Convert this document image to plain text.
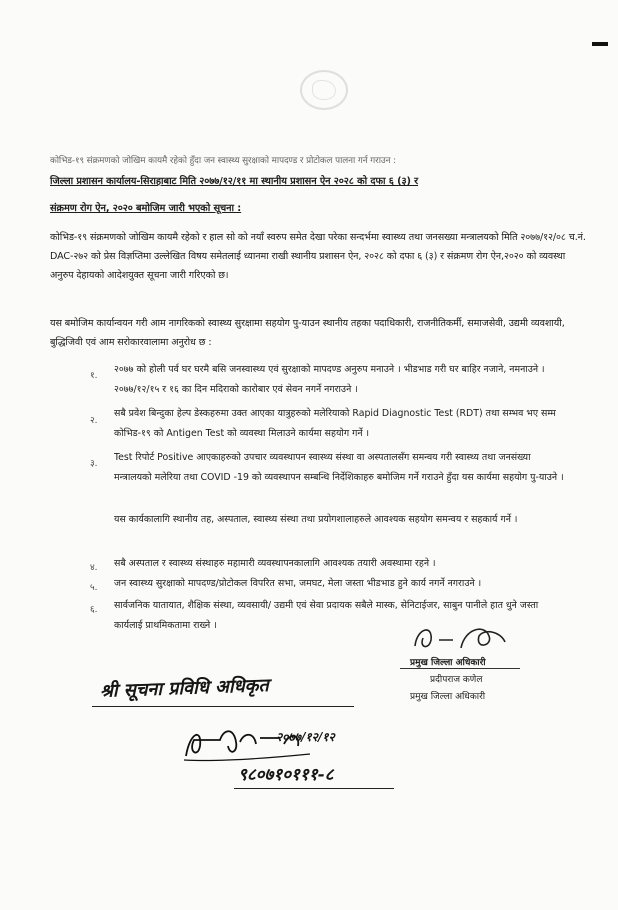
कोभिड-१९ संक्रमणको जोखिम कायमै रहेको हुँदा जन स्वास्थ्य सुरक्षाको मापदण्ड र प्रोटोकल पालना गर्न गराउन :
जिल्ला प्रशासन कार्यालय-सिराहाबाट मिति २०७७/१२/११ मा स्थानीय प्रशासन ऐन २०२८ को दफा ६ (३) र
संक्रमण रोग ऐन, २०२० बमोजिम जारी भएको सूचना :
कोभिड-१९ संक्रमणको जोखिम कायमै रहेको र हाल सो को नयाँ स्वरुप समेत देखा परेका सन्दर्भमा स्वास्थ्य तथा जनसख्या मन्त्रालयको मिति २०७७/१२/०८ च.नं. DAC-२७२ को प्रेस विज्ञप्तिमा उल्लेखित विषय समेतलाई ध्यानमा राखी स्थानीय प्रशासन ऐन, २०२८ को दफा ६ (३) र संक्रमण रोग ऐन,२०२० को व्यवस्था अनुरुप देहायको आदेशयुक्त सूचना जारी गरिएको छ।
यस बमोजिम कार्यान्वयन गरी आम नागरिकको स्वास्थ्य सुरक्षामा सहयोग पु-याउन स्थानीय तहका पदाधिकारी, राजनीतिकर्मी, समाजसेवी, उद्यमी व्यवशायी, बुद्धिजिवी एवं आम सरोकारवालामा अनुरोध छ :
१.
२०७७ को होली पर्व घर घरमै बसि जनस्वास्थ्य एवं सुरक्षाको मापदण्ड अनुरुप मनाउने । भीडभाड गरी घर बाहिर नजाने, नमनाउने । २०७७/१२/१५ र १६ का दिन मदिराको कारोबार एवं सेवन नगर्ने नगराउने ।
२.
सबै प्रवेश बिन्दुका हेल्प डेस्कहरुमा उक्त आएका यात्रुहरुको मलेरियाको Rapid Diagnostic Test (RDT) तथा सम्भव भए सम्म कोभिड-१९ को Antigen Test को व्यवस्था मिलाउने कार्यमा सहयोग गर्ने ।
३.
Test रिपोर्ट Positive आएकाहरुको उपचार व्यवस्थापन स्वास्थ्य संस्था वा अस्पतालसँग समन्वय गरी स्वास्थ्य तथा जनसंख्या मन्त्रालयको मलेरिया तथा COVID -19 को व्यवस्थापन सम्बन्धि निर्देशिकाहरु बमोजिम गर्ने गराउने हुँदा यस कार्यमा सहयोग पु-याउने ।
यस कार्यकालागि स्थानीय तह, अस्पताल, स्वास्थ्य संस्था तथा प्रयोगशालाहरुले आवश्यक सहयोग समन्वय र सहकार्य गर्ने ।
४. सबै अस्पताल र स्वास्थ्य संस्थाहरु महामारी व्यवस्थापनकालागि आवश्यक तयारी अवस्थामा रहने ।
५. जन स्वास्थ्य सुरक्षाको मापदण्ड/प्रोटोकल विपरित सभा, जमघट, मेला जस्ता भीडभाड हुने कार्य नगर्ने नगराउने ।
६. सार्वजनिक यातायात, शैक्षिक संस्था, व्यवसायी/ उद्यमी एवं सेवा प्रदायक सबैले मास्क, सेनिटाईजर, साबुन पानीले हात धुने जस्ता कार्यलाई प्राथमिकतामा राख्ने ।
प्रमुख जिल्ला अधिकारी
प्रदीपराज कणेल
प्रमुख जिल्ला अधिकारी
श्री सूचना प्रविधि अधिकृत
२०७७/१२/१२
९८०७१०१११-८
